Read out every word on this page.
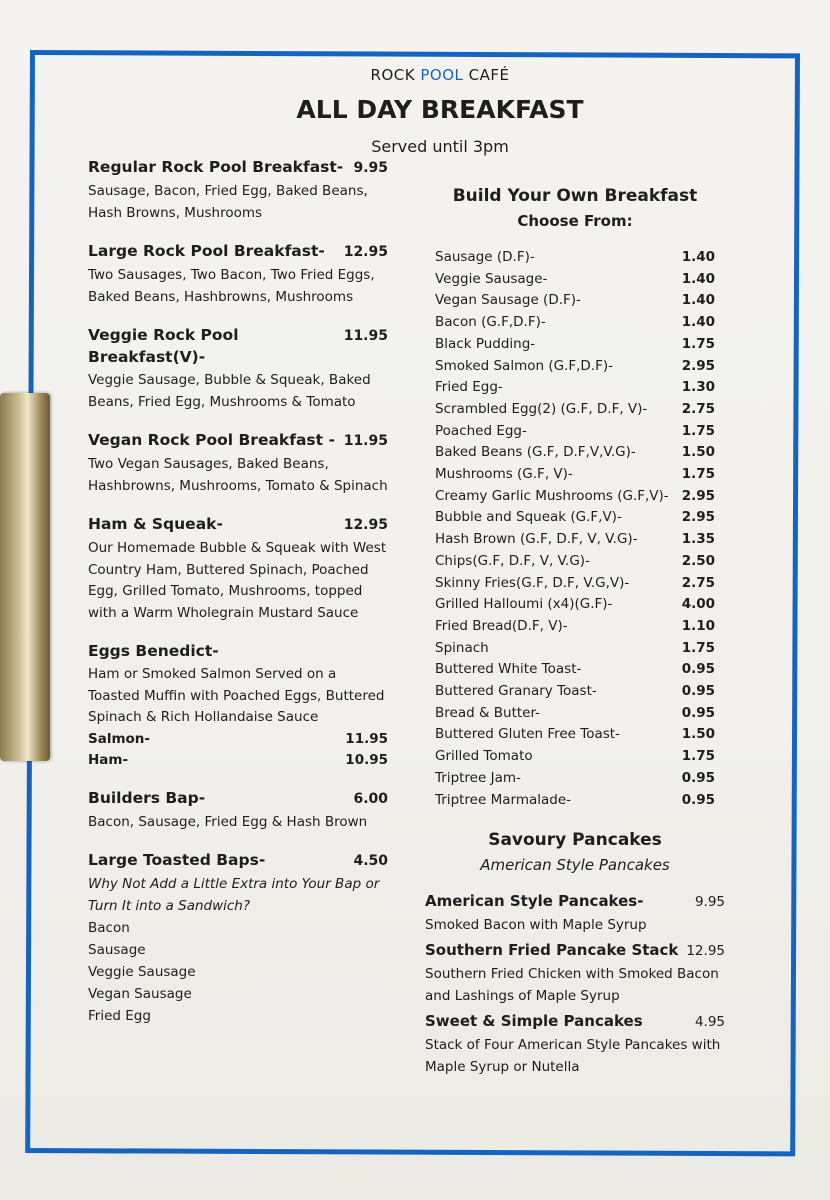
ROCK POOL CAFÉ
ALL DAY BREAKFAST
Served until 3pm
Regular Rock Pool Breakfast- 9.95
Sausage, Bacon, Fried Egg, Baked Beans, Hash Browns, Mushrooms
Large Rock Pool Breakfast- 12.95
Two Sausages, Two Bacon, Two Fried Eggs, Baked Beans, Hashbrowns, Mushrooms
Veggie Rock Pool Breakfast(V)-
11.95
Veggie Sausage, Bubble & Squeak, Baked Beans, Fried Egg, Mushrooms & Tomato
Vegan Rock Pool Breakfast - 11.95
Two Vegan Sausages, Baked Beans, Hashbrowns, Mushrooms, Tomato & Spinach
Ham & Squeak-	12.95
Our Homemade Bubble & Squeak with West Country Ham, Buttered Spinach, Poached Egg, Grilled Tomato, Mushrooms, topped with a Warm Wholegrain Mustard Sauce
Eggs Benedict-
Ham or Smoked Salmon Served on a Toasted Muffin with Poached Eggs, Buttered Spinach & Rich Hollandaise Sauce
Salmon-	11.95
Ham-	10.95
Builders Bap-	6.00
Bacon, Sausage, Fried Egg & Hash Brown
Large Toasted Baps-	4.50
Why Not Add a Little Extra into Your Bap or Turn It into a Sandwich?
Bacon
Sausage
Veggie Sausage
Vegan Sausage
Fried Egg
Build Your Own Breakfast
Choose From:
Sausage (D.F)-	1.40
Veggie Sausage-	1.40
Vegan Sausage (D.F)-	1.40
Bacon (G.F,D.F)-	1.40
Black Pudding-	1.75
Smoked Salmon (G.F,D.F)-	2.95
Fried Egg-	1.30
Scrambled Egg(2) (G.F, D.F, V)-	2.75
Poached Egg-	1.75
Baked Beans (G.F, D.F,V,V.G)-	1.50
Mushrooms (G.F, V)-	1.75
Creamy Garlic Mushrooms (G.F,V)- 2.95
Bubble and Squeak (G.F,V)-	2.95
Hash Brown (G.F, D.F, V, V.G)-	1.35
Chips(G.F, D.F, V, V.G)-	2.50
Skinny Fries(G.F, D.F, V.G,V)-	2.75
Grilled Halloumi (x4)(G.F)-	4.00
Fried Bread(D.F, V)-	1.10
Spinach	1.75
Buttered White Toast-	0.95
Buttered Granary Toast-	0.95
Bread & Butter-	0.95
Buttered Gluten Free Toast-	1.50
Grilled Tomato	1.75
Triptree Jam-	0.95
Triptree Marmalade-	0.95
Savoury Pancakes
American Style Pancakes
American Style Pancakes-	9.95
Smoked Bacon with Maple Syrup
Southern Fried Pancake Stack 12.95
Southern Fried Chicken with Smoked Bacon and Lashings of Maple Syrup
Sweet & Simple Pancakes	4.95
Stack of Four American Style Pancakes with Maple Syrup or Nutella
